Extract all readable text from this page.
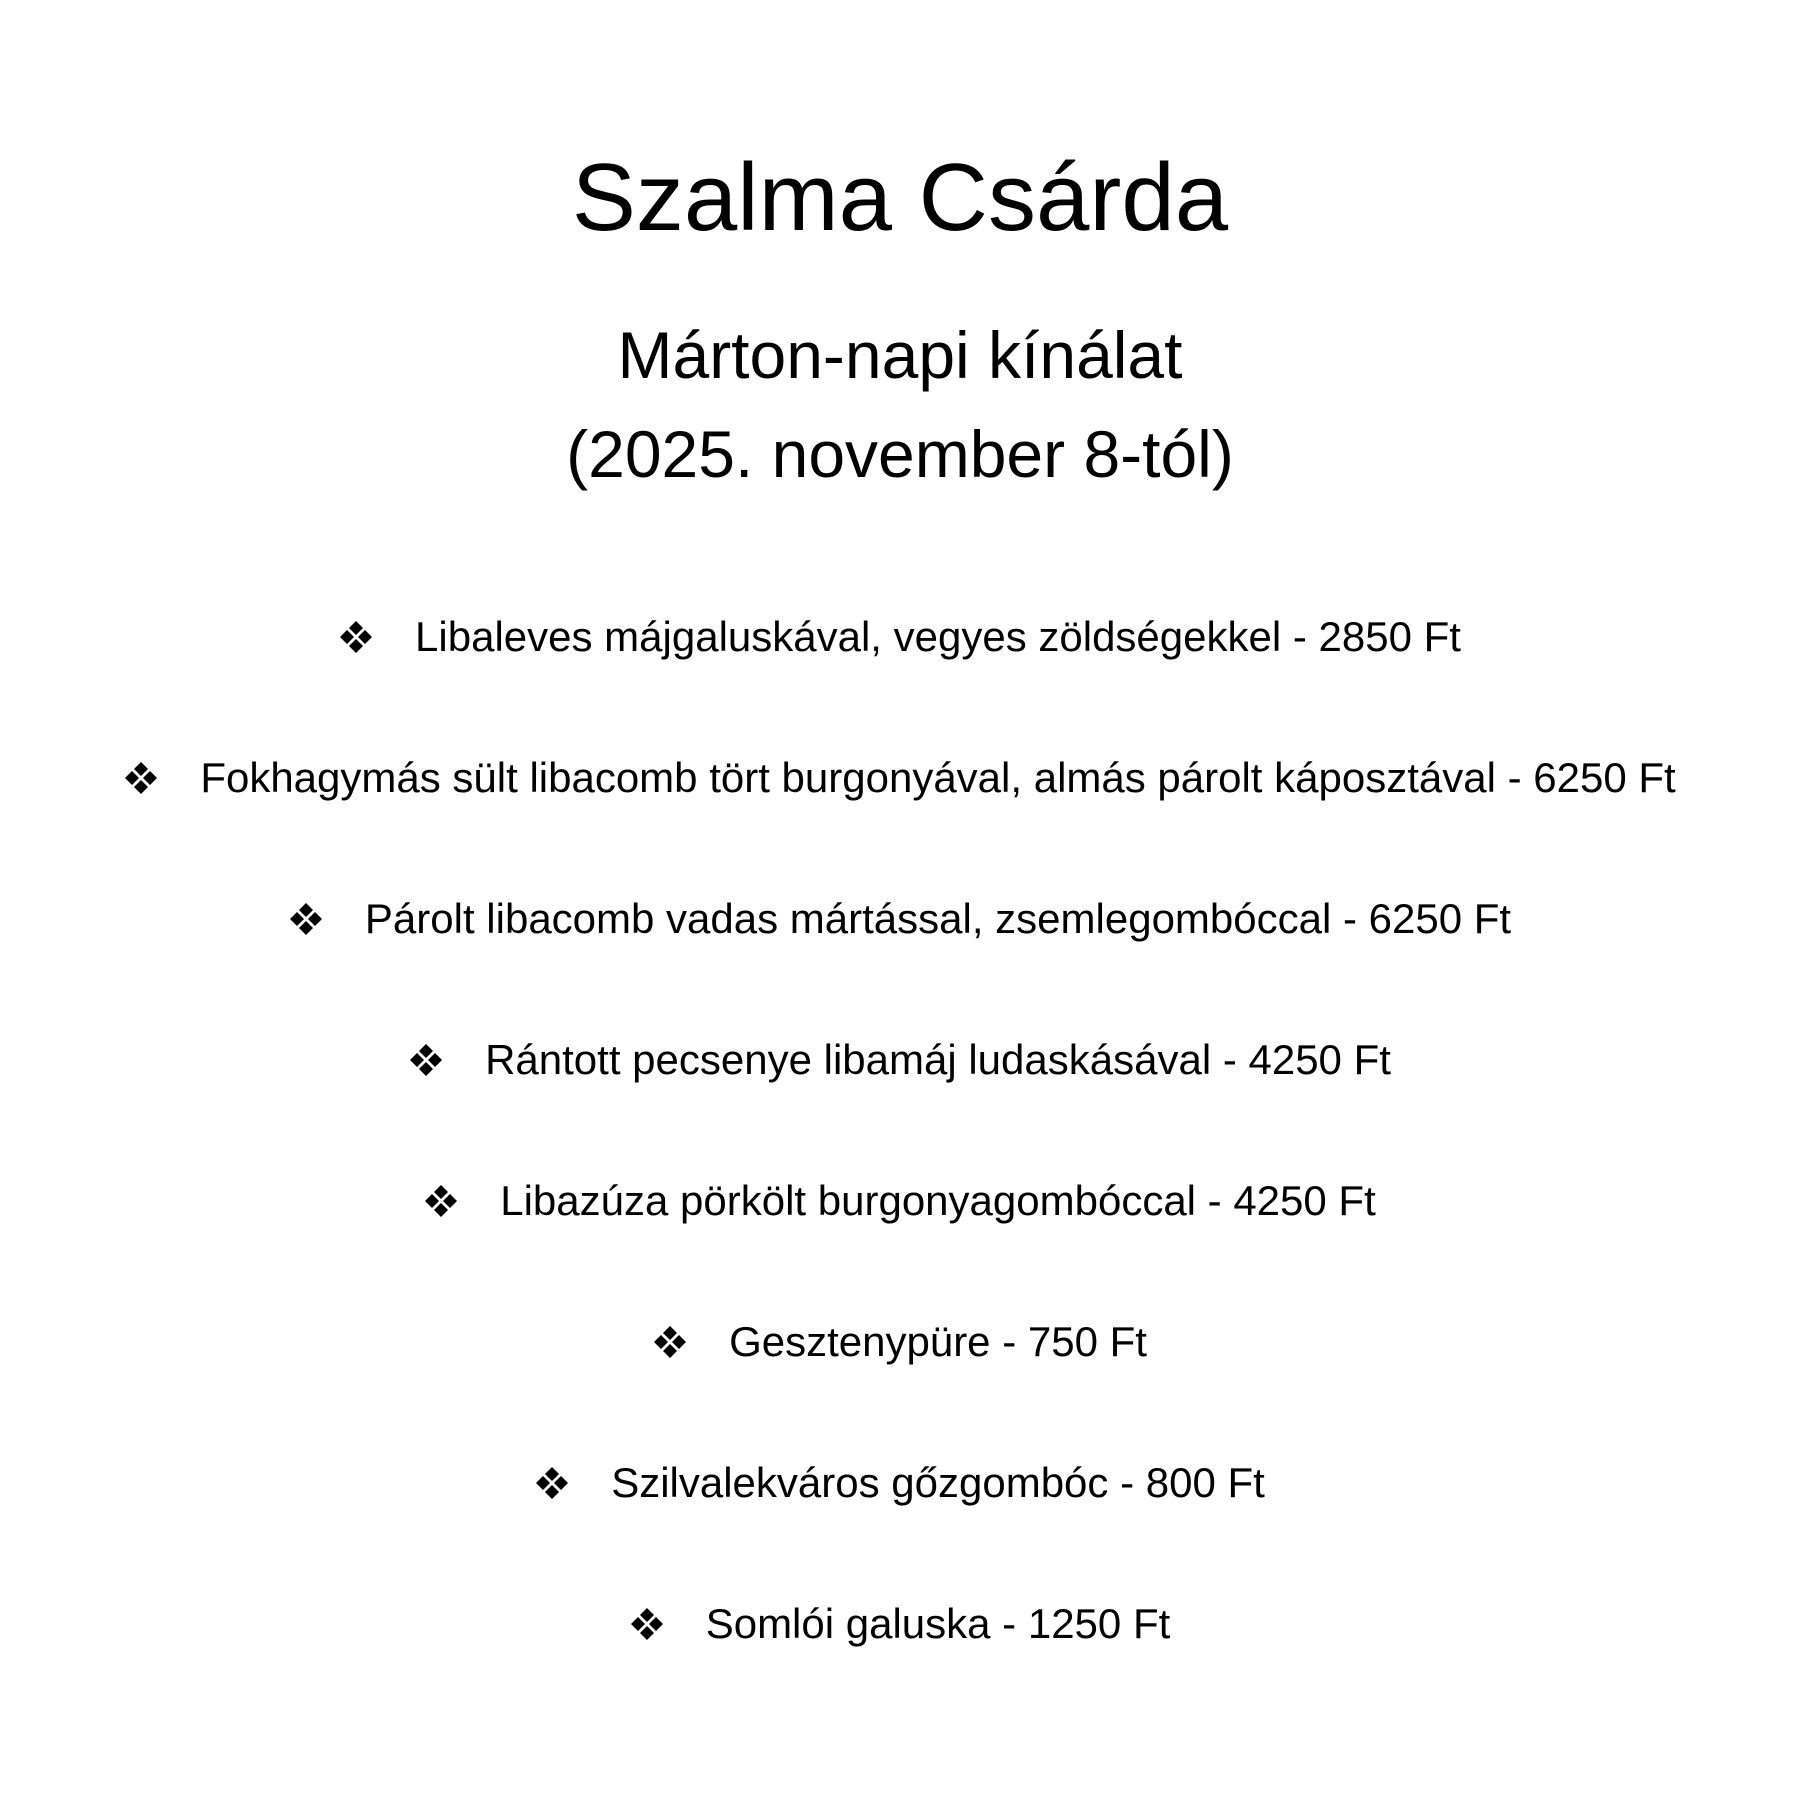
Szalma Csárda
Márton-napi kínálat
(2025. november 8-tól)
Libaleves májgaluskával, vegyes zöldségekkel - 2850 Ft
Fokhagymás sült libacomb tört burgonyával, almás párolt káposztával - 6250 Ft
Párolt libacomb vadas mártással, zsemlegombóccal - 6250 Ft
Rántott pecsenye libamáj ludaskásával - 4250 Ft
Libazúza pörkölt burgonyagombóccal - 4250 Ft
Gesztenypüre - 750 Ft
Szilvalekváros gőzgombóc - 800 Ft
Somlói galuska - 1250 Ft
